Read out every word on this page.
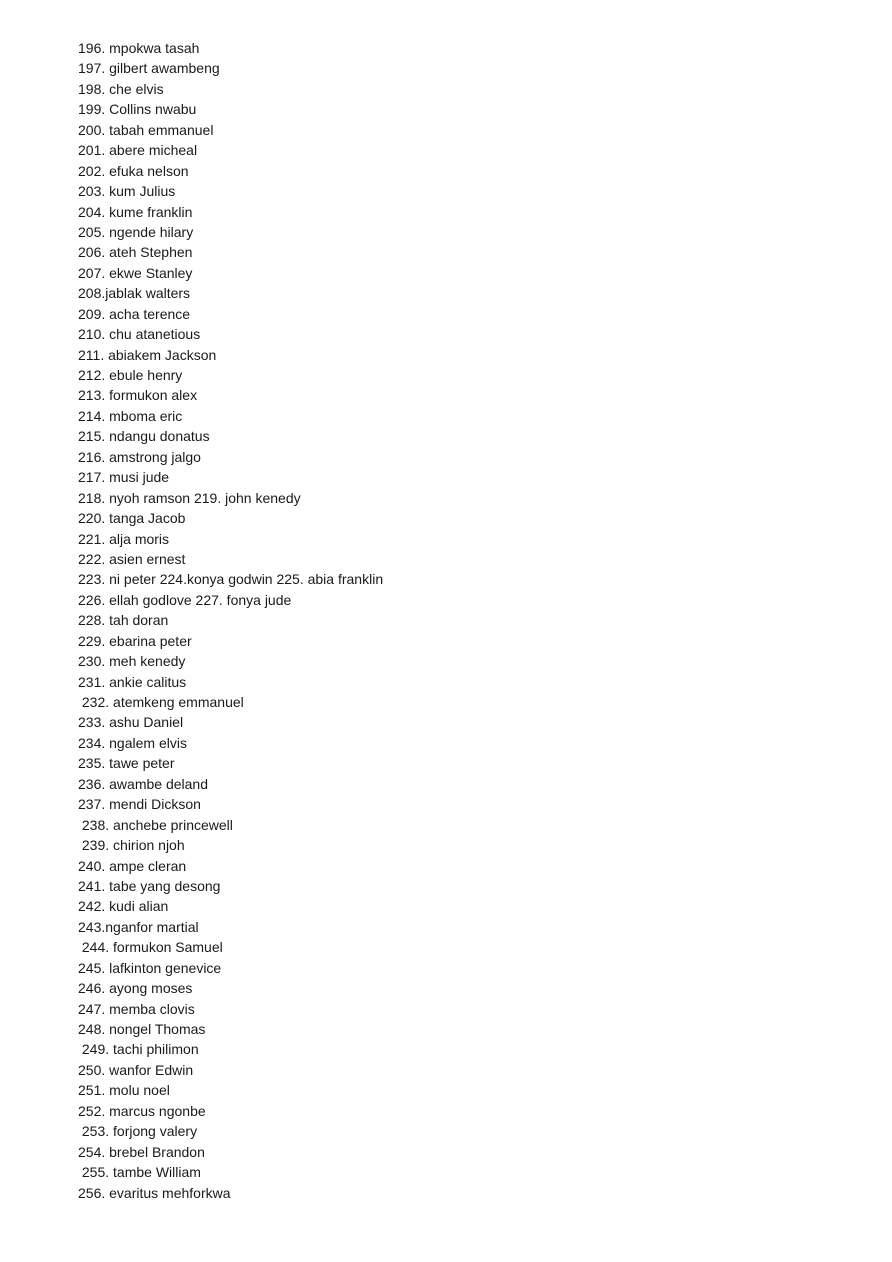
196. mpokwa tasah
197. gilbert awambeng
198. che elvis
199. Collins nwabu
200. tabah emmanuel
201. abere micheal
202. efuka nelson
203. kum Julius
204. kume franklin
205. ngende hilary
206. ateh Stephen
207. ekwe Stanley
208.jablak walters
209. acha terence
210. chu atanetious
211. abiakem Jackson
212. ebule henry
213. formukon alex
214. mboma eric
215. ndangu donatus
216. amstrong jalgo
217. musi jude
218. nyoh ramson 219. john kenedy
220. tanga Jacob
221. alja moris
222. asien ernest
223. ni peter 224.konya godwin 225. abia franklin
226. ellah godlove 227. fonya jude
228. tah doran
229. ebarina peter
230. meh kenedy
231. ankie calitus
232. atemkeng emmanuel
233. ashu Daniel
234. ngalem elvis
235. tawe peter
236. awambe deland
237. mendi Dickson
238. anchebe princewell
239. chirion njoh
240. ampe cleran
241. tabe yang desong
242. kudi alian
243.nganfor martial
244. formukon Samuel
245. lafkinton genevice
246. ayong moses
247. memba clovis
248. nongel Thomas
249. tachi philimon
250. wanfor Edwin
251. molu noel
252. marcus ngonbe
253. forjong valery
254. brebel Brandon
255. tambe William
256. evaritus mehforkwa
